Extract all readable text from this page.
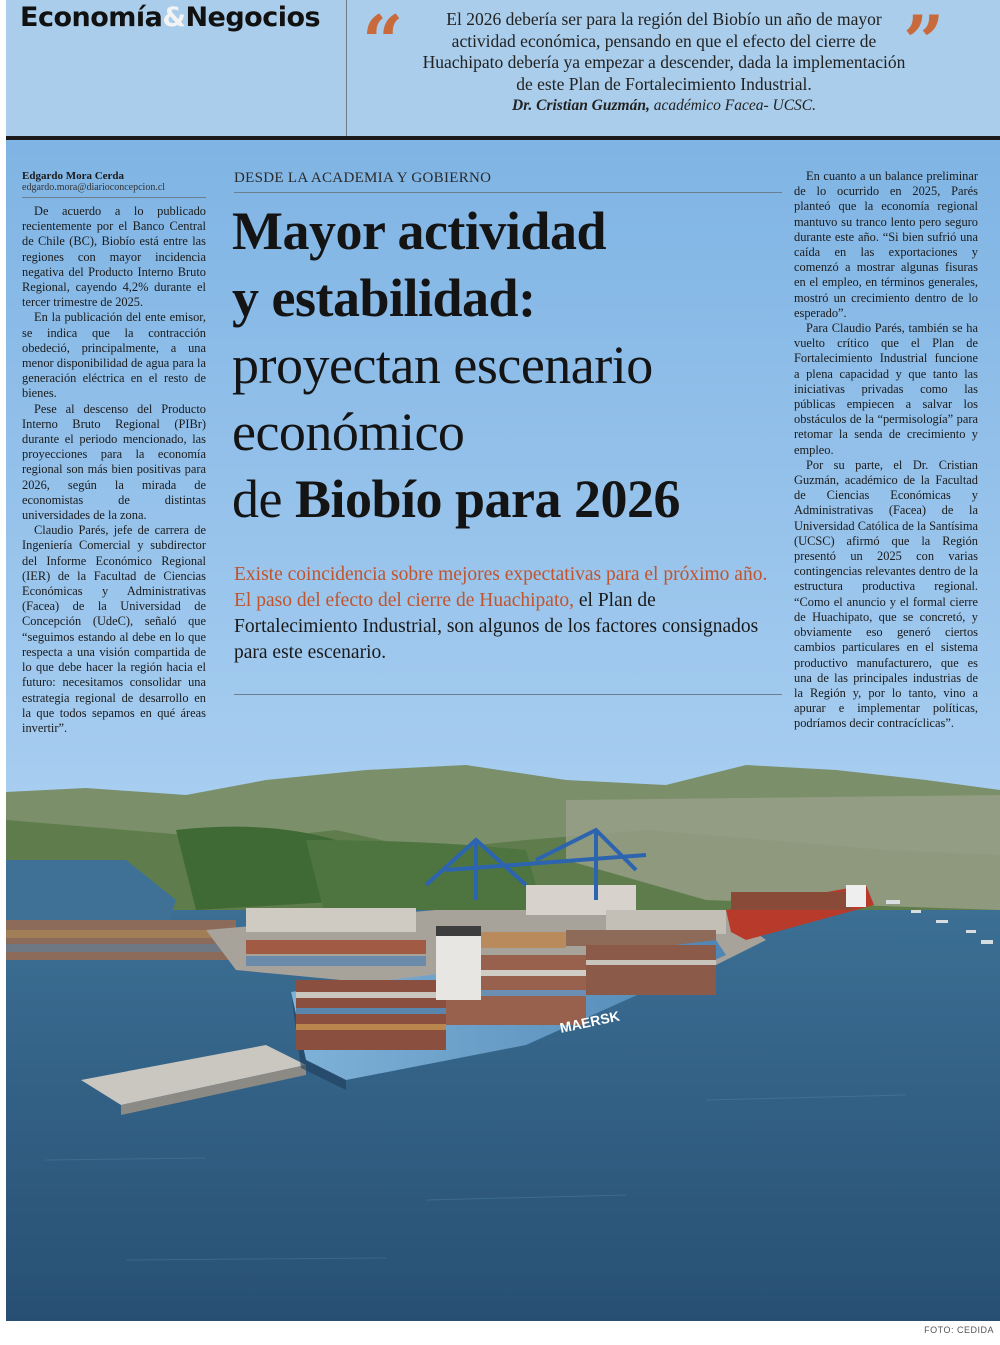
Economía&Negocios “	”
El 2026 debería ser para la región del Biobío un año de mayor actividad económica, pensando en que el efecto del cierre de Huachipato debería ya empezar a descender, dada la implementación de este Plan de Fortalecimiento Industrial.
Dr. Cristian Guzmán, académico Facea- UCSC.
MAERSK
FOTO: CEDIDA
Edgardo Mora Cerda
edgardo.mora@diarioconcepcion.cl

De acuerdo a lo publicado recientemente por el Banco Central de Chile (BC), Biobío está entre las regiones con mayor incidencia negativa del Producto Interno Bruto Regional, cayendo 4,2% durante el tercer trimestre de 2025.

En la publicación del ente emisor, se indica que la contracción obedeció, principalmente, a una menor disponibilidad de agua para la generación eléctrica en el resto de bienes.

Pese al descenso del Producto Interno Bruto Regional (PIBr) durante el periodo mencionado, las proyecciones para la economía regional son más bien positivas para 2026, según la mirada de economistas de distintas universidades de la zona.

Claudio Parés, jefe de carrera de Ingeniería Comercial y subdirector del Informe Económico Regional (IER) de la Facultad de Ciencias Económicas y Administrativas (Facea) de la Universidad de Concepción (UdeC), señaló que “seguimos estando al debe en lo que respecta a una visión compartida de lo que debe hacer la región hacia el futuro: necesitamos consolidar una estrategia regional de desarrollo en la que todos sepamos en qué áreas invertir”.

DESDE LA ACADEMIA Y GOBIERNO
Mayor actividad
y estabilidad:
proyectan escenario
económico
de Biobío para 2026
Existe coincidencia sobre mejores expectativas para el próximo año. El paso del efecto del cierre de Huachipato, el Plan de Fortalecimiento Industrial, son algunos de los factores consignados para este escenario.

En cuanto a un balance preliminar de lo ocurrido en 2025, Parés planteó que la economía regional mantuvo su tranco lento pero seguro durante este año. “Si bien sufrió una caída en las exportaciones y comenzó a mostrar algunas fisuras en el empleo, en términos generales, mostró un crecimiento dentro de lo esperado”.

Para Claudio Parés, también se ha vuelto crítico que el Plan de Fortalecimiento Industrial funcione a plena capacidad y que tanto las iniciativas privadas como las públicas empiecen a salvar los obstáculos de la “permisología” para retomar la senda de crecimiento y empleo.

Por su parte, el Dr. Cristian Guzmán, académico de la Facultad de Ciencias Económicas y Administrativas (Facea) de la Universidad Católica de la Santísima (UCSC) afirmó que la Región presentó un 2025 con varias contingencias relevantes dentro de la estructura productiva regional. “Como el anuncio y el formal cierre de Huachipato, que se concretó, y obviamente eso generó ciertos cambios particulares en el sistema productivo manufacturero, que es una de las principales industrias de la Región y, por lo tanto, vino a apurar e implementar políticas, podríamos decir contracíclicas”.
